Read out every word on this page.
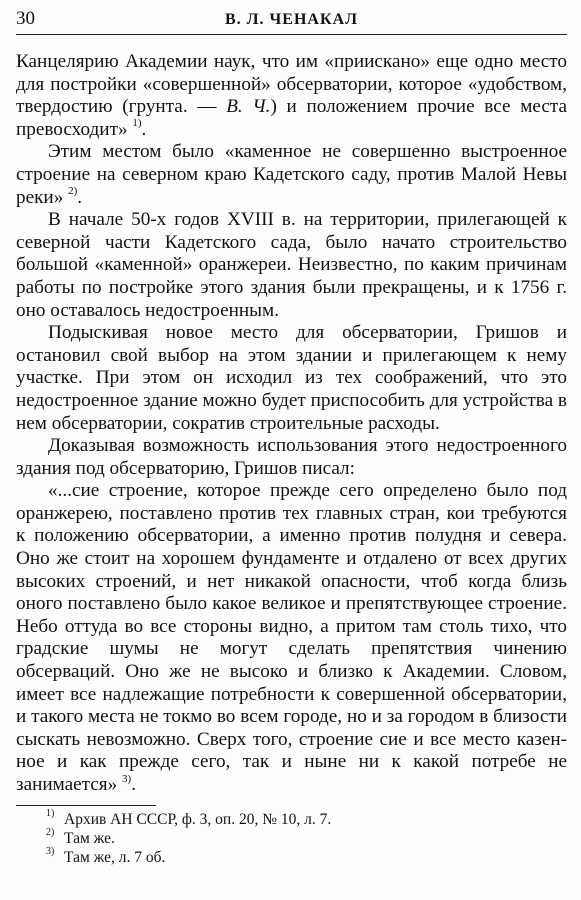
30	В. Л. ЧЕНАКАЛ

Канцелярию Академии наук, что им «приискано» еще одно место для постройки «совершенной» обсерватории, которое «удобством, твердостию (грунта. — В. Ч.) и положением прочие все места превосходит» $^{1)}$.

Этим местом было «каменное не совершенно выстроенное строение на северном краю Кадетского саду, против Малой Невы реки» $^{2)}$.

В начале 50-х годов XVIII в. на территории, прилегающей к северной части Кадетского сада, было начато строительство большой «каменной» оранжереи. Неизвестно, по каким причинам работы по постройке этого здания были прекращены, и к 1756 г. оно оставалось недостроенным.

Подыскивая новое место для обсерватории, Гришов и остановил свой выбор на этом здании и прилегающем к нему участке. При этом он исходил из тех соображений, что это недостроенное здание можно будет приспособить для устройства в нем обсерватории, сократив строительные расходы.

Доказывая возможность использования этого недостроенного здания под обсерваторию, Гришов писал:

«...сие строение, которое прежде сего определено было под оранжерею, поставлено против тех главных стран, кои требуются к положению обсерватории, а именно против полудня и севера. Оно же стоит на хорошем фундаменте и отдалено от всех других высоких строений, и нет никакой опасности, чтоб когда близь оного поставлено было какое великое и препятствующее строение. Небо оттуда во все стороны видно, а притом там столь тихо, что градские шумы не могут сделать препятствия чинению обсерваций. Оно же не высоко и близко к Академии. Словом, имеет все надлежащие потребности к совершенной обсерватории, и такого места не токмо во всем городе, но и за городом в близости сыскать невозможно. Сверх того, строение сие и все место казенное и как прежде сего, так и ныне ни к какой потребе не занимается» $^{3)}$.

$^{1)}$ Архив АН СССР, ф. 3, оп. 20, № 10, л. 7.
$^{2)}$ Там же.
$^{3)}$ Там же, л. 7 об.
